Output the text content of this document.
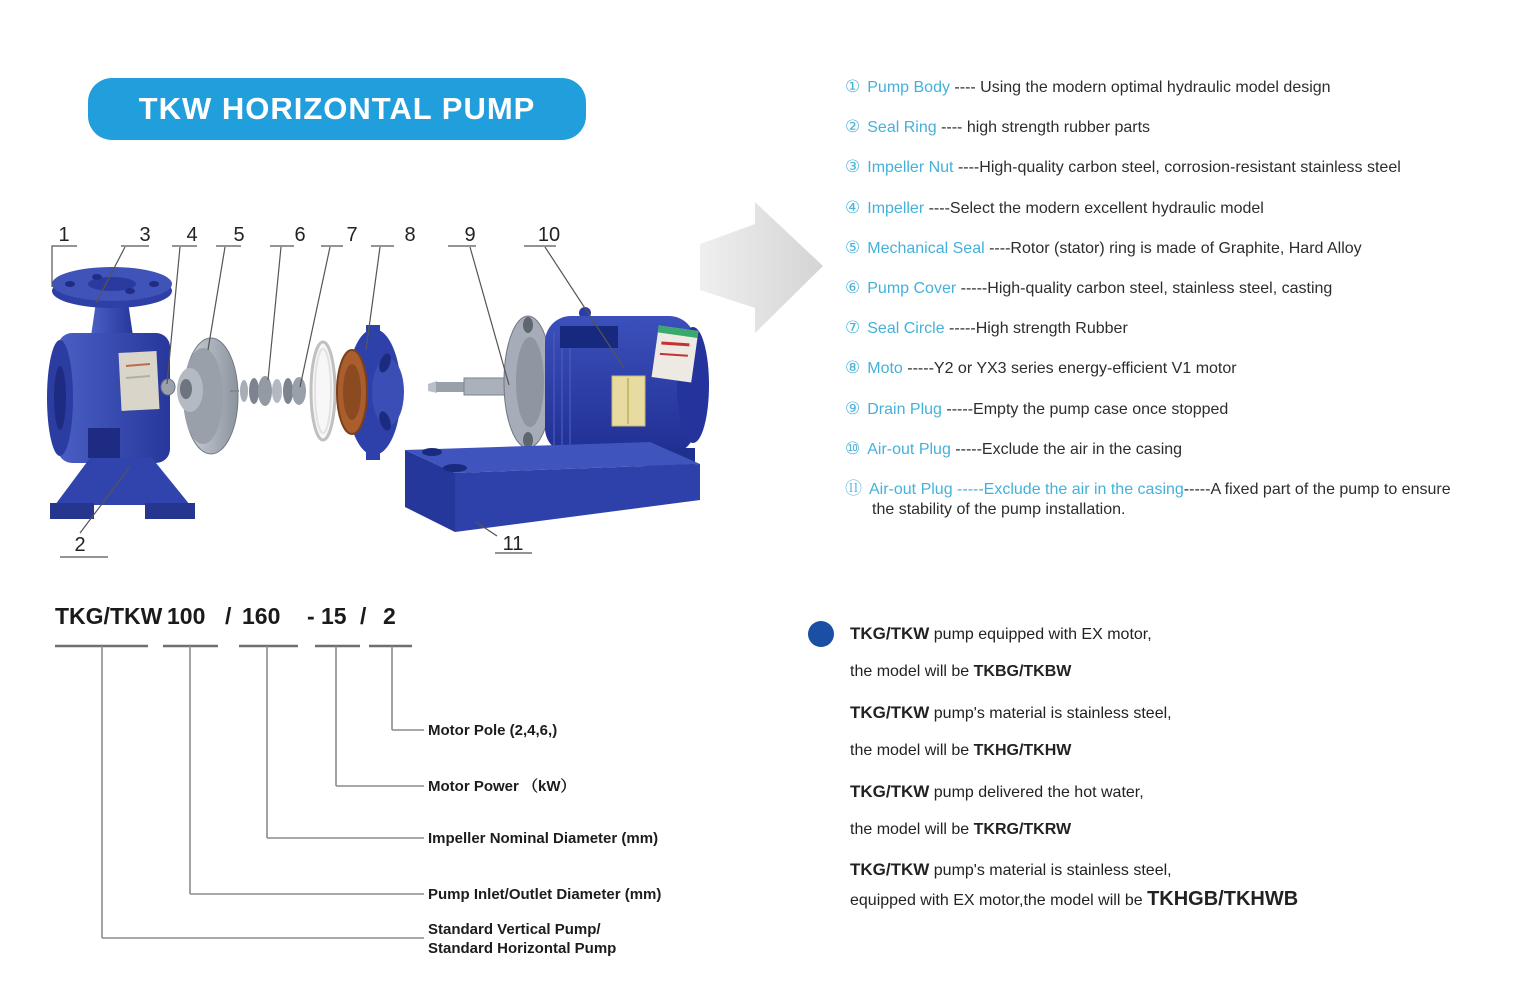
TKW HORIZONTAL PUMP
1	3 4 5 6 7 8 9	10
2	11
① Pump Body ---- Using the modern optimal hydraulic model design
② Seal Ring ---- high strength rubber parts
③ Impeller Nut ----High-quality carbon steel, corrosion-resistant stainless steel
④ Impeller ----Select the modern excellent hydraulic model
⑤ Mechanical Seal ----Rotor (stator) ring is made of Graphite, Hard Alloy
⑥ Pump Cover -----High-quality carbon steel, stainless steel, casting
⑦ Seal Circle -----High strength Rubber
⑧ Moto -----Y2 or YX3 series energy-efficient V1 motor
⑨ Drain Plug -----Empty the pump case once stopped
⑩ Air-out Plug -----Exclude the air in the casing
⑪ Air-out Plug -----Exclude the air in the casing-----A fixed part of the pump to ensure the stability of the pump installation.
TKG/TKW 100 / 160 - 15 / 2
Motor Pole (2,4,6,)
Motor Power （kW）
Impeller Nominal Diameter (mm)
Pump Inlet/Outlet Diameter (mm)
Standard Vertical Pump/
Standard Horizontal Pump
TKG/TKW pump equipped with EX motor,
the model will be TKBG/TKBW
TKG/TKW pump's material is stainless steel,
the model will be TKHG/TKHW
TKG/TKW pump delivered the hot water,
the model will be TKRG/TKRW
TKG/TKW pump's material is stainless steel,
equipped with EX motor,the model will be TKHGB/TKHWB
